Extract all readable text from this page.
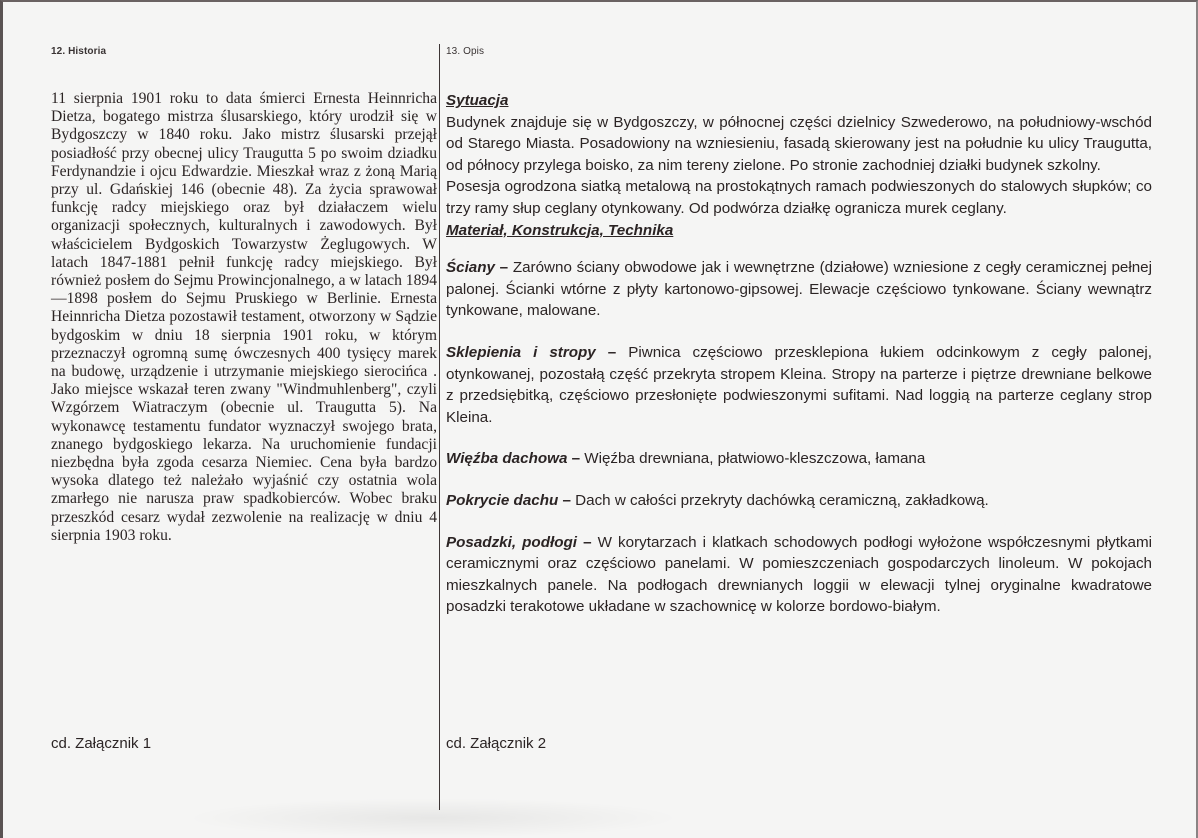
12. Historia	13. Opis

11 sierpnia 1901 roku to data śmierci Ernesta Heinnricha Dietza, bogatego mistrza ślusarskiego, który urodził się w Bydgoszczy w 1840 roku. Jako mistrz ślusarski przejął posiadłość przy obecnej ulicy Traugutta 5 po swoim dziadku Ferdynandzie i ojcu Edwardzie. Mieszkał wraz z żoną Marią przy ul. Gdańskiej 146 (obecnie 48). Za życia sprawował funkcję radcy miejskiego oraz był działaczem wielu organizacji społecznych, kulturalnych i zawodowych. Był właścicielem Bydgoskich Towarzystw Żeglugowych. W latach 1847-1881 pełnił funkcję radcy miejskiego. Był również posłem do Sejmu Prowincjonalnego, a w latach 1894—1898 posłem do Sejmu Pruskiego w Berlinie. Ernesta Heinnricha Dietza pozostawił testament, otworzony w Sądzie bydgoskim w dniu 18 sierpnia 1901 roku, w którym przeznaczył ogromną sumę ówczesnych 400 tysięcy marek na budowę, urządzenie i utrzymanie miejskiego sierocińca . Jako miejsce wskazał teren zwany "Windmuhlenberg", czyli Wzgórzem Wiatraczym (obecnie ul. Traugutta 5). Na wykonawcę testamentu fundator wyznaczył swojego brata, znanego bydgoskiego lekarza. Na uruchomienie fundacji niezbędna była zgoda cesarza Niemiec. Cena była bardzo wysoka dlatego też należało wyjaśnić czy ostatnia wola zmarłego nie narusza praw spadkobierców. Wobec braku przeszkód cesarz wydał zezwolenie na realizację w dniu 4 sierpnia 1903 roku.

Sytuacja

Budynek znajduje się w Bydgoszczy, w północnej części dzielnicy Szwederowo, na południowy-wschód od Starego Miasta. Posadowiony na wzniesieniu, fasadą skierowany jest na południe ku ulicy Traugutta, od północy przylega boisko, za nim tereny zielone. Po stronie zachodniej działki budynek szkolny.

Posesja ogrodzona siatką metalową na prostokątnych ramach podwieszonych do stalowych słupków; co trzy ramy słup ceglany otynkowany. Od podwórza działkę ogranicza murek ceglany.

Materiał, Konstrukcja, Technika

Ściany – Zarówno ściany obwodowe jak i wewnętrzne (działowe) wzniesione z cegły ceramicznej pełnej palonej. Ścianki wtórne z płyty kartonowo-gipsowej. Elewacje częściowo tynkowane. Ściany wewnątrz tynkowane, malowane.

Sklepienia i stropy – Piwnica częściowo przesklepiona łukiem odcinkowym z cegły palonej, otynkowanej, pozostałą część przekryta stropem Kleina. Stropy na parterze i piętrze drewniane belkowe z przedsiębitką, częściowo przesłonięte podwieszonymi sufitami. Nad loggią na parterze ceglany strop Kleina.

Więźba dachowa – Więźba drewniana, płatwiowo-kleszczowa, łamana

Pokrycie dachu – Dach w całości przekryty dachówką ceramiczną, zakładkową.

Posadzki, podłogi – W korytarzach i klatkach schodowych podłogi wyłożone współczesnymi płytkami ceramicznymi oraz częściowo panelami. W pomieszczeniach gospodarczych linoleum. W pokojach mieszkalnych panele. Na podłogach drewnianych loggii w elewacji tylnej oryginalne kwadratowe posadzki terakotowe układane w szachownicę w kolorze bordowo-białym.

cd. Załącznik 1	cd. Załącznik 2
